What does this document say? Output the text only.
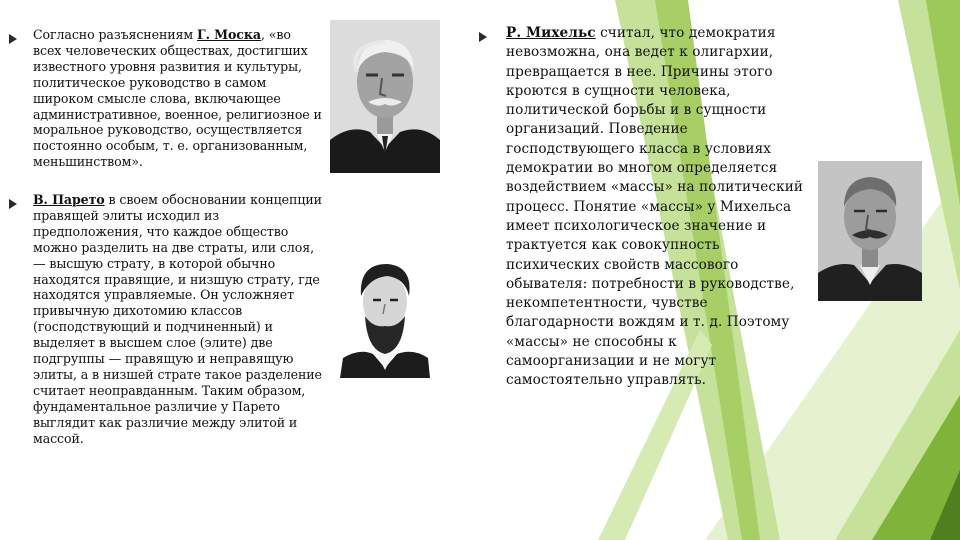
Согласно разъяснениям Г. Моска, «во всех человеческих обществах, достигших известного уровня развития и культуры, политическое руководство в самом широком смысле слова, включающее административное, военное, религиозное и моральное руководство, осуществляется постоянно особым, т. е. организованным, меньшинством».

В. Парето в своем обосновании концепции правящей элиты исходил из предположения, что каждое общество можно разделить на две страты, или слоя, — высшую страту, в которой обычно находятся правящие, и низшую страту, где находятся управляемые. Он усложняет привычную дихотомию классов (господствующий и подчиненный) и выделяет в высшем слое (элите) две подгруппы — правящую и неправящую элиты, а в низшей страте такое разделение считает неоправданным. Таким образом, фундаментальное различие у Парето выглядит как различие между элитой и массой.

Р. Михельс считал, что демократия невозможна, она ведет к олигархии, превращается в нее. Причины этого кроются в сущности человека, политической борьбы и в сущности организаций. Поведение господствующего класса в условиях демократии во многом определяется воздействием «массы» на политический процесс. Понятие «массы» у Михельса имеет психологическое значение и трактуется как совокупность психических свойств массового обывателя: потребности в руководстве, некомпетентности, чувстве благодарности вождям и т. д. Поэтому «массы» не способны к самоорганизации и не могут самостоятельно управлять.
